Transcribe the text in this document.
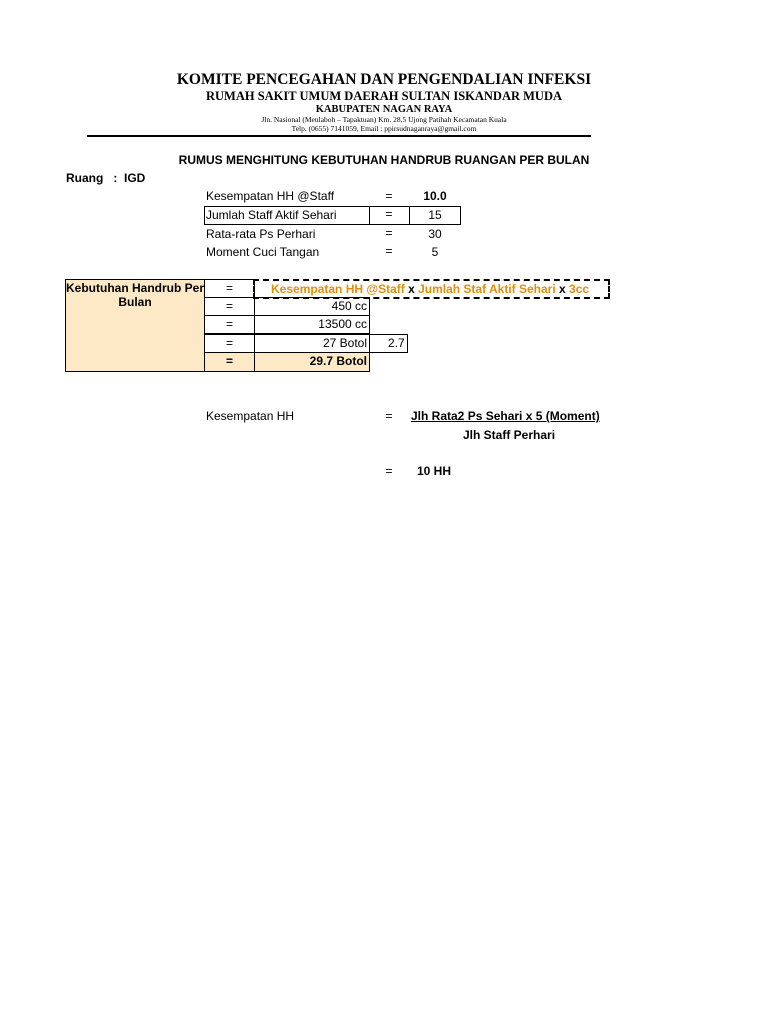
KOMITE PENCEGAHAN DAN PENGENDALIAN INFEKSI
RUMAH SAKIT UMUM DAERAH SULTAN ISKANDAR MUDA
KABUPATEN NAGAN RAYA
Jln. Nasional (Meulaboh – Tapaktuan) Km. 28,5 Ujong Patihah Kecamatan Kuala
Telp. (0655) 7141059, Email : ppirsudnaganraya@gmail.com
RUMUS MENGHITUNG KEBUTUHAN HANDRUB RUANGAN PER BULAN
Ruang   :  IGD
Kesempatan HH @Staff	=	10.0
Jumlah Staff Aktif Sehari	=	15
Rata-rata Ps Perhari	=	30
Moment Cuci Tangan	=	5
Kebutuhan Handrub Per Bulan
=	Kesempatan HH @Staff x Jumlah Staf Aktif Sehari x 3cc
=	450 cc
=	13500 cc
=	27 Botol	2.7
=	29.7 Botol
Kesempatan HH	= Jlh Rata2 Ps Sehari x 5 (Moment)
Jlh Staff Perhari
= 10 HH
